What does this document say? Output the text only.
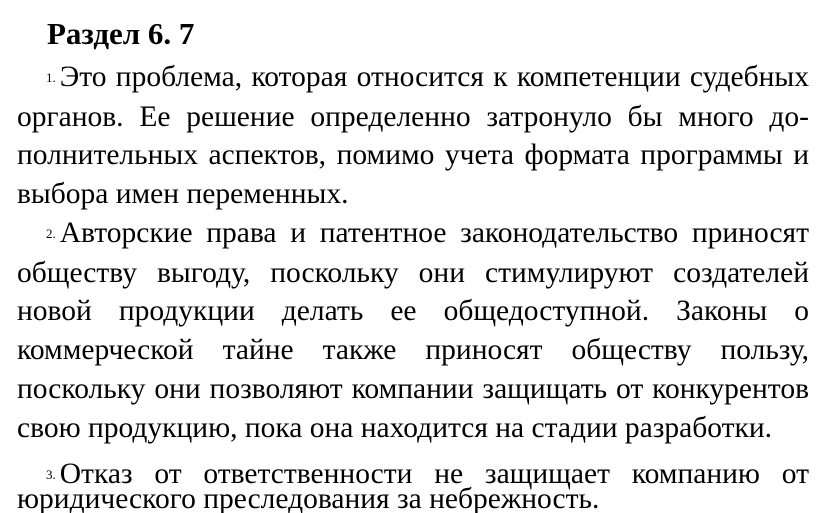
Раздел 6. 7
1. Это проблема, которая относится к компетенции судебных органов. Ее решение определенно затронуло бы много до- полнительных аспектов, помимо учета формата программы и выбора имен переменных.
2. Авторские права и патентное законодательство приносят обществу выгоду, поскольку они стимулируют создателей новой продукции делать ее общедоступной. Законы о коммерческой тайне также приносят обществу пользу, поскольку они позволяют компании защищать от конкурентов свою продукцию, пока она находится на стадии разработки.
3. Отказ от ответственности не защищает компанию от юридического преследования за небрежность.
